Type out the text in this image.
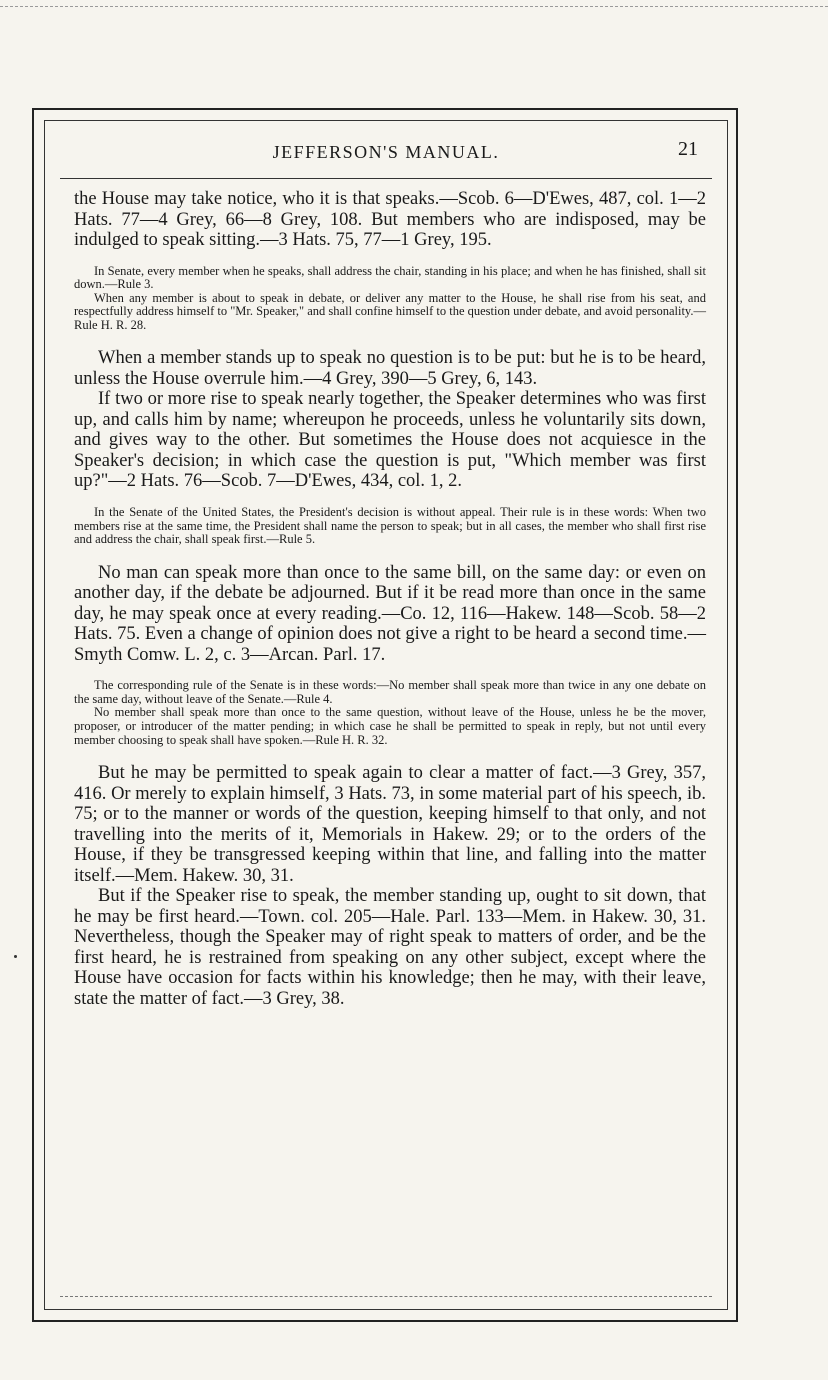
JEFFERSON'S MANUAL.	21

the House may take notice, who it is that speaks.—Scob. 6—D'Ewes, 487, col. 1—2 Hats. 77—4 Grey, 66—8 Grey, 108. But members who are indisposed, may be indulged to speak sitting.—3 Hats. 75, 77—1 Grey, 195.

In Senate, every member when he speaks, shall address the chair, standing in his place; and when he has finished, shall sit down.—Rule 3.

When any member is about to speak in debate, or deliver any matter to the House, he shall rise from his seat, and respectfully address himself to "Mr. Speaker," and shall confine himself to the question under debate, and avoid personality.—Rule H. R. 28.

When a member stands up to speak no question is to be put: but he is to be heard, unless the House overrule him.—4 Grey, 390—5 Grey, 6, 143.

If two or more rise to speak nearly together, the Speaker determines who was first up, and calls him by name; whereupon he proceeds, unless he voluntarily sits down, and gives way to the other. But sometimes the House does not acquiesce in the Speaker's decision; in which case the question is put, "Which member was first up?"—2 Hats. 76—Scob. 7—D'Ewes, 434, col. 1, 2.

In the Senate of the United States, the President's decision is without appeal. Their rule is in these words: When two members rise at the same time, the President shall name the person to speak; but in all cases, the member who shall first rise and address the chair, shall speak first.—Rule 5.

No man can speak more than once to the same bill, on the same day: or even on another day, if the debate be adjourned. But if it be read more than once in the same day, he may speak once at every reading.—Co. 12, 116—Hakew. 148—Scob. 58—2 Hats. 75. Even a change of opinion does not give a right to be heard a second time.—Smyth Comw. L. 2, c. 3—Arcan. Parl. 17.

The corresponding rule of the Senate is in these words:—No member shall speak more than twice in any one debate on the same day, without leave of the Senate.—Rule 4.

No member shall speak more than once to the same question, without leave of the House, unless he be the mover, proposer, or introducer of the matter pending; in which case he shall be permitted to speak in reply, but not until every member choosing to speak shall have spoken.—Rule H. R. 32.

But he may be permitted to speak again to clear a matter of fact.—3 Grey, 357, 416. Or merely to explain himself, 3 Hats. 73, in some material part of his speech, ib. 75; or to the manner or words of the question, keeping himself to that only, and not travelling into the merits of it, Memorials in Hakew. 29; or to the orders of the House, if they be transgressed keeping within that line, and falling into the matter itself.—Mem. Hakew. 30, 31.

But if the Speaker rise to speak, the member standing up, ought to sit down, that he may be first heard.—Town. col. 205—Hale. Parl. 133—Mem. in Hakew. 30, 31. Nevertheless, though the Speaker may of right speak to matters of order, and be the first heard, he is restrained from speaking on any other subject, except where the House have occasion for facts within his knowledge; then he may, with their leave, state the matter of fact.—3 Grey, 38.
